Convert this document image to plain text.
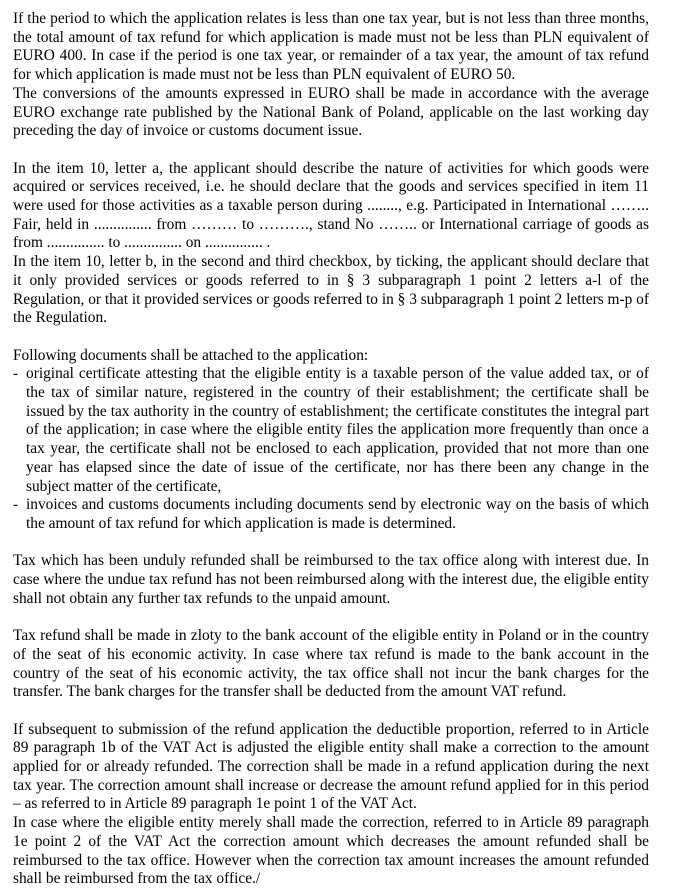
If the period to which the application relates is less than one tax year, but is not less than three months, the total amount of tax refund for which application is made must not be less than PLN equivalent of EURO 400. In case if the period is one tax year, or remainder of a tax year, the amount of tax refund for which application is made must not be less than PLN equivalent of EURO 50.

The conversions of the amounts expressed in EURO shall be made in accordance with the average EURO exchange rate published by the National Bank of Poland, applicable on the last working day preceding the day of invoice or customs document issue.

In the item 10, letter a, the applicant should describe the nature of activities for which goods were acquired or services received, i.e. he should declare that the goods and services specified in item 11 were used for those activities as a taxable person during ........, e.g. Participated in International …….. Fair, held in ............... from ……… to ………., stand No …….. or International carriage of goods as from ............... to ............... on ............... .

In the item 10, letter b, in the second and third checkbox, by ticking, the applicant should declare that it only provided services or goods referred to in § 3 subparagraph 1 point 2 letters a-l of the Regulation, or that it provided services or goods referred to in § 3 subparagraph 1 point 2 letters m-p of the Regulation.

Following documents shall be attached to the application:

- original certificate attesting that the eligible entity is a taxable person of the value added tax, or of the tax of similar nature, registered in the country of their establishment; the certificate shall be issued by the tax authority in the country of establishment; the certificate constitutes the integral part of the application; in case where the eligible entity files the application more frequently than once a tax year, the certificate shall not be enclosed to each application, provided that not more than one year has elapsed since the date of issue of the certificate, nor has there been any change in the subject matter of the certificate,
- invoices and customs documents including documents send by electronic way on the basis of which the amount of tax refund for which application is made is determined.

Tax which has been unduly refunded shall be reimbursed to the tax office along with interest due. In case where the undue tax refund has not been reimbursed along with the interest due, the eligible entity shall not obtain any further tax refunds to the unpaid amount.

Tax refund shall be made in zloty to the bank account of the eligible entity in Poland or in the country of the seat of his economic activity. In case where tax refund is made to the bank account in the country of the seat of his economic activity, the tax office shall not incur the bank charges for the transfer. The bank charges for the transfer shall be deducted from the amount VAT refund.

If subsequent to submission of the refund application the deductible proportion, referred to in Article 89 paragraph 1b of the VAT Act is adjusted the eligible entity shall make a correction to the amount applied for or already refunded. The correction shall be made in a refund application during the next tax year. The correction amount shall increase or decrease the amount refund applied for in this period – as referred to in Article 89 paragraph 1e point 1 of the VAT Act.

In case where the eligible entity merely shall made the correction, referred to in Article 89 paragraph 1e point 2 of the VAT Act the correction amount which decreases the amount refunded shall be reimbursed to the tax office. However when the correction tax amount increases the amount refunded shall be reimbursed from the tax office./
